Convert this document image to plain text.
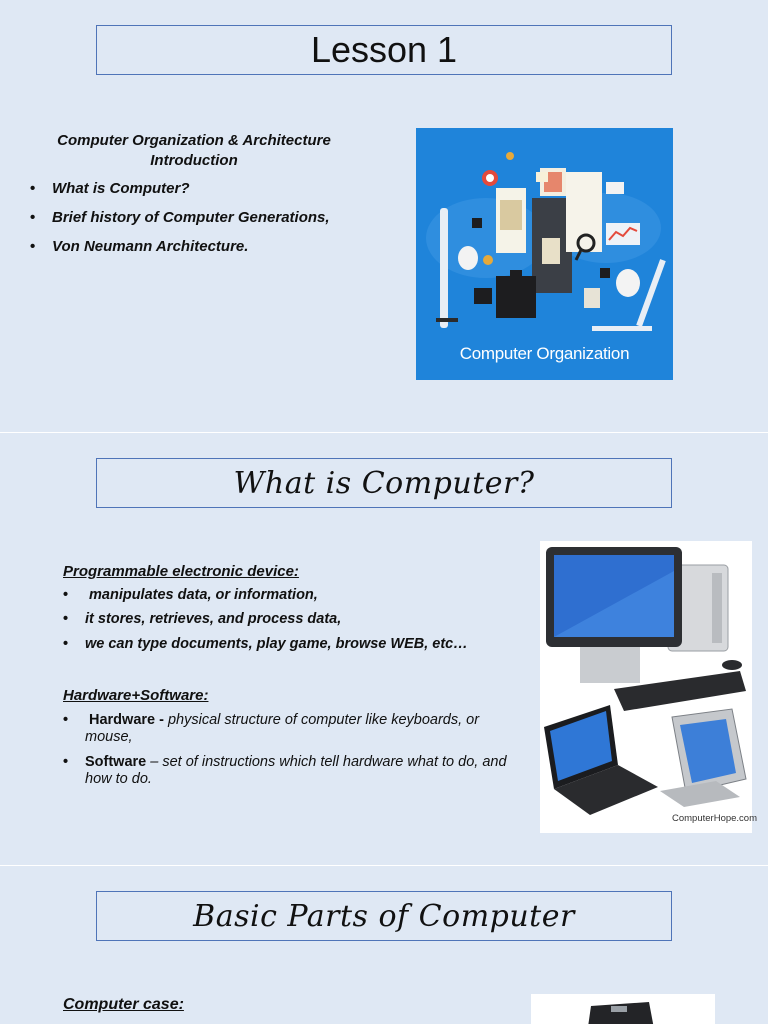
Lesson 1
Computer Organization & Architecture
Introduction
• What is Computer?
• Brief history of Computer Generations,
• Von Neumann Architecture.
Computer Organization
What is Computer?
Programmable electronic device:
• manipulates data, or information,
• it stores, retrieves, and process data,
• we can type documents, play game, browse WEB, etc…
Hardware+Software:
• Hardware - physical structure of computer like keyboards, or mouse,
• Software – set of instructions which tell hardware what to do, and how to do.
ComputerHope.com
Basic Parts of Computer
Computer case:
